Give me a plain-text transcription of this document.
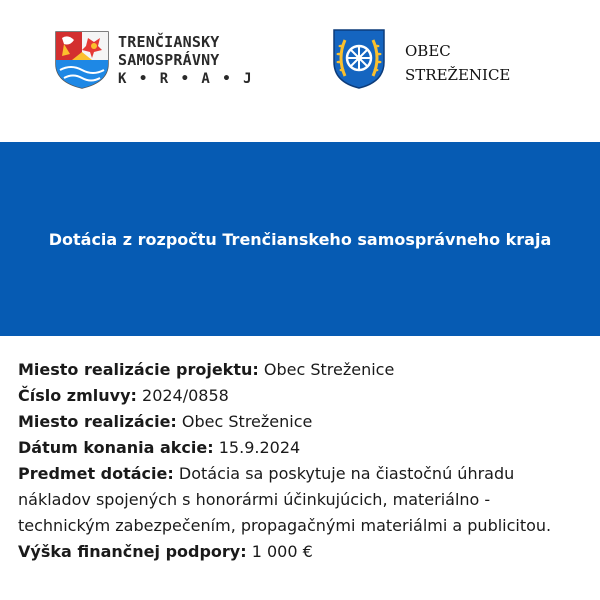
TRENČIANSKY
SAMOSPRÁVNY
K • R • A • J
OBEC
STREŽENICE
Dotácia z rozpočtu Trenčianskeho samosprávneho kraja
Miesto realizácie projektu: Obec Streženice
Číslo zmluvy: 2024/0858
Miesto realizácie: Obec Streženice
Dátum konania akcie: 15.9.2024
Predmet dotácie: Dotácia sa poskytuje na čiastočnú úhradu nákladov spojených s honorármi účinkujúcich, materiálno - technickým zabezpečením, propagačnými materiálmi a publicitou.
Výška finančnej podpory: 1 000 €
